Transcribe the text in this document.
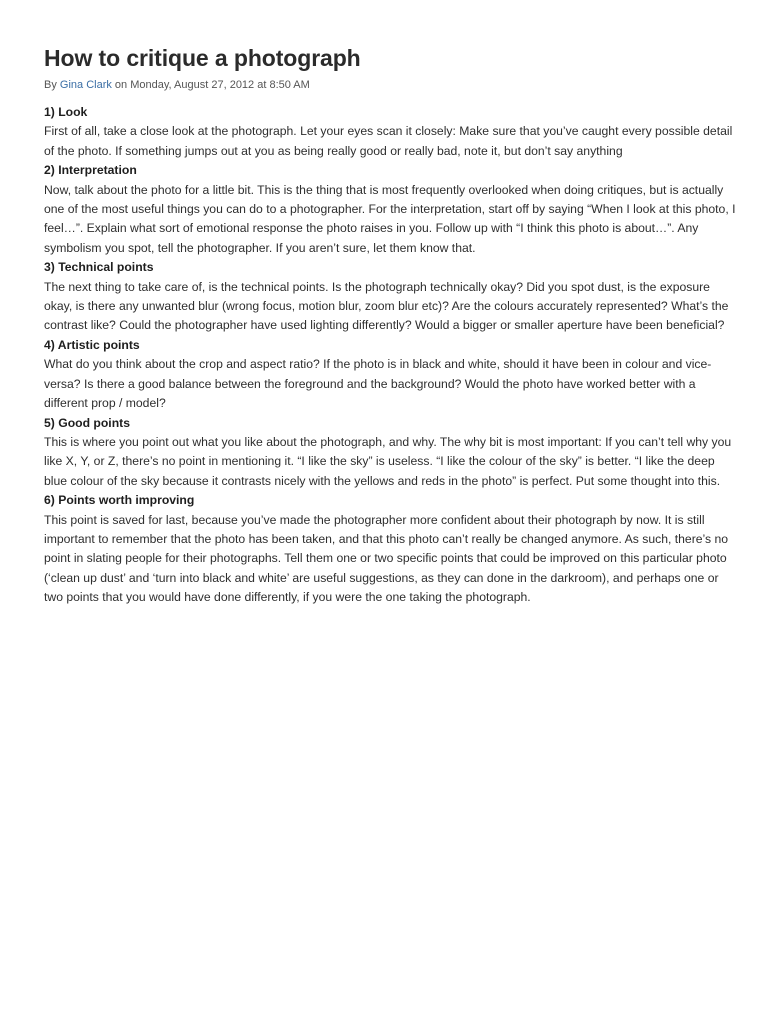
How to critique a photograph
By Gina Clark on Monday, August 27, 2012 at 8:50 AM

1) Look

First of all, take a close look at the photograph. Let your eyes scan it closely: Make sure that you’ve caught every possible detail of the photo. If something jumps out at you as being really good or really bad, note it, but don’t say anything

2) Interpretation

Now, talk about the photo for a little bit. This is the thing that is most frequently overlooked when doing critiques, but is actually one of the most useful things you can do to a photographer. For the interpretation, start off by saying “When I look at this photo, I feel…”. Explain what sort of emotional response the photo raises in you. Follow up with “I think this photo is about…”. Any symbolism you spot, tell the photographer. If you aren’t sure, let them know that.

3) Technical points

The next thing to take care of, is the technical points. Is the photograph technically okay? Did you spot dust, is the exposure okay, is there any unwanted blur (wrong focus, motion blur, zoom blur etc)? Are the colours accurately represented? What’s the contrast like? Could the photographer have used lighting differently? Would a bigger or smaller aperture have been beneficial?

4) Artistic points

What do you think about the crop and aspect ratio? If the photo is in black and white, should it have been in colour and vice-versa? Is there a good balance between the foreground and the background? Would the photo have worked better with a different prop / model?

5) Good points

This is where you point out what you like about the photograph, and why. The why bit is most important: If you can’t tell why you like X, Y, or Z, there’s no point in mentioning it. “I like the sky” is useless. “I like the colour of the sky” is better. “I like the deep blue colour of the sky because it contrasts nicely with the yellows and reds in the photo” is perfect. Put some thought into this.

6) Points worth improving

This point is saved for last, because you’ve made the photographer more confident about their photograph by now. It is still important to remember that the photo has been taken, and that this photo can’t really be changed anymore. As such, there’s no point in slating people for their photographs. Tell them one or two specific points that could be improved on this particular photo (‘clean up dust’ and ‘turn into black and white’ are useful suggestions, as they can done in the darkroom), and perhaps one or two points that you would have done differently, if you were the one taking the photograph.
